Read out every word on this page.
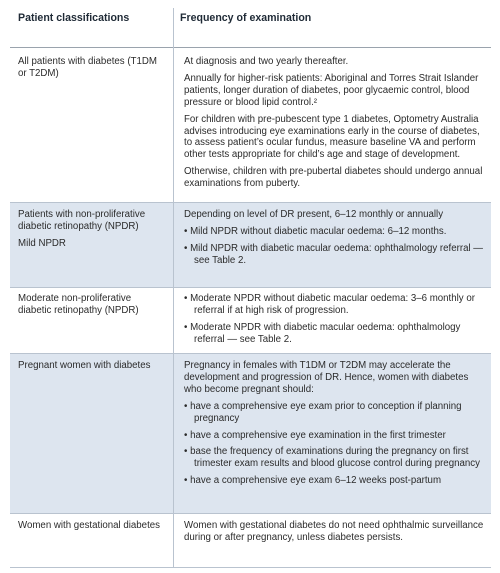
Patient classifications	Frequency of examination
All patients with diabetes (T1DM or T2DM)
At diagnosis and two yearly thereafter.
Annually for higher-risk patients: Aboriginal and Torres Strait Islander patients, longer duration of diabetes, poor glycaemic control, blood pressure or blood lipid control.²
For children with pre-pubescent type 1 diabetes, Optometry Australia advises introducing eye examinations early in the course of diabetes, to assess patient’s ocular fundus, measure baseline VA and perform other tests appropriate for child’s age and stage of development.
Otherwise, children with pre-pubertal diabetes should undergo annual examinations from puberty.
Patients with non-proliferative diabetic retinopathy (NPDR)
Mild NPDR
Depending on level of DR present, 6–12 monthly or annually
• Mild NPDR without diabetic macular oedema: 6–12 months.
• Mild NPDR with diabetic macular oedema: ophthalmology referral — see Table 2.
Moderate non-proliferative diabetic retinopathy (NPDR)
• Moderate NPDR without diabetic macular oedema: 3–6 monthly or referral if at high risk of progression.
• Moderate NPDR with diabetic macular oedema: ophthalmology referral — see Table 2.
Pregnant women with diabetes	Pregnancy in females with T1DM or T2DM may accelerate the development and progression of DR. Hence, women with diabetes who become pregnant should:
• have a comprehensive eye exam prior to conception if planning pregnancy
• have a comprehensive eye examination in the first trimester
• base the frequency of examinations during the pregnancy on first trimester exam results and blood glucose control during pregnancy
• have a comprehensive eye exam 6–12 weeks post-partum
Women with gestational diabetes Women with gestational diabetes do not need ophthalmic surveillance during or after pregnancy, unless diabetes persists.
